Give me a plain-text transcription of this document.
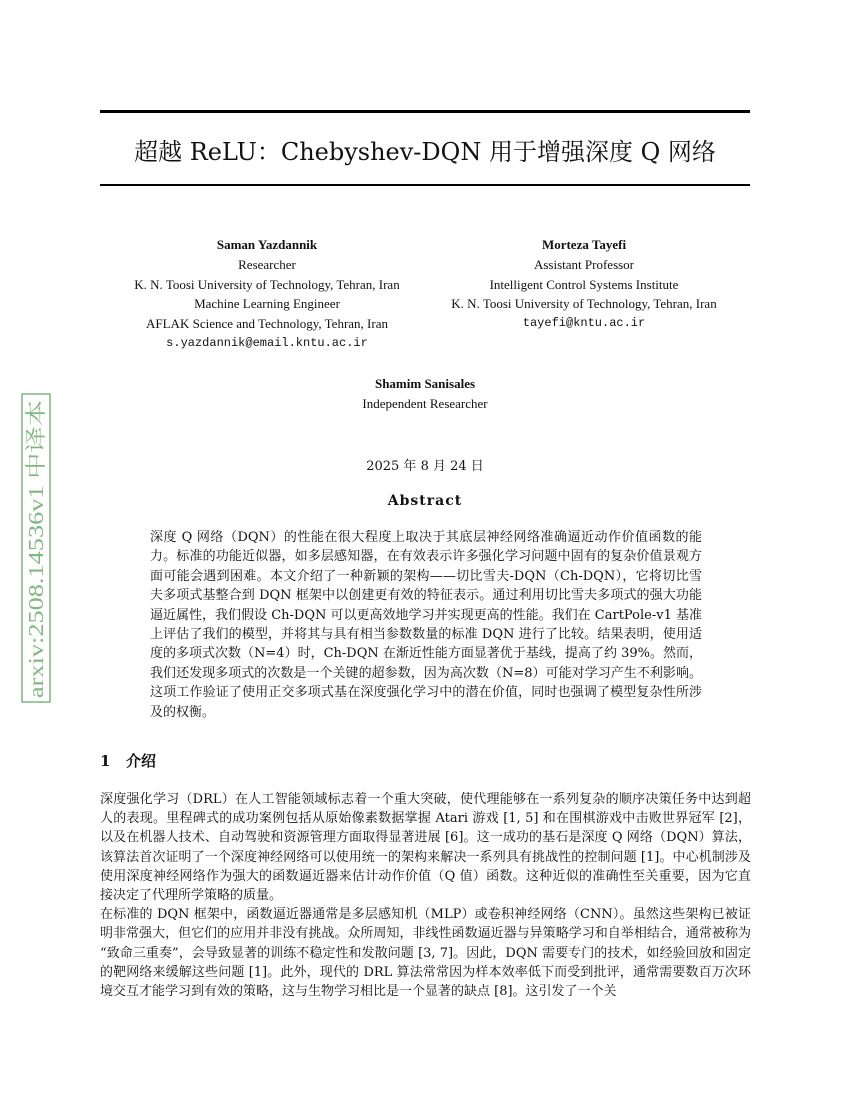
超越 ReLU：Chebyshev-DQN 用于增强深度 Q 网络
Saman Yazdannik
Researcher
K. N. Toosi University of Technology, Tehran, Iran
Machine Learning Engineer
AFLAK Science and Technology, Tehran, Iran
s.yazdannik@email.kntu.ac.ir
Morteza Tayefi
Assistant Professor
Intelligent Control Systems Institute
K. N. Toosi University of Technology, Tehran, Iran
tayefi@kntu.ac.ir
Shamim Sanisales
Independent Researcher
2025 年 8 月 24 日
Abstract
深度 Q 网络（DQN）的性能在很大程度上取决于其底层神经网络准确逼近动作价值函数的能力。标准的功能近似器，如多层感知器，在有效表示许多强化学习问题中固有的复杂价值景观方面可能会遇到困难。本文介绍了一种新颖的架构——切比雪夫-DQN（Ch-DQN），它将切比雪夫多项式基整合到 DQN 框架中以创建更有效的特征表示。通过利用切比雪夫多项式的强大功能逼近属性，我们假设 Ch-DQN 可以更高效地学习并实现更高的性能。我们在 CartPole-v1 基准上评估了我们的模型，并将其与具有相当参数数量的标准 DQN 进行了比较。结果表明，使用适度的多项式次数（N=4）时，Ch-DQN 在渐近性能方面显著优于基线，提高了约 39%。然而，我们还发现多项式的次数是一个关键的超参数，因为高次数（N=8）可能对学习产生不利影响。这项工作验证了使用正交多项式基在深度强化学习中的潜在价值，同时也强调了模型复杂性所涉及的权衡。
1 介绍

深度强化学习（DRL）在人工智能领域标志着一个重大突破，使代理能够在一系列复杂的顺序决策任务中达到超人的表现。里程碑式的成功案例包括从原始像素数据掌握 Atari 游戏 [1, 5] 和在围棋游戏中击败世界冠军 [2]，以及在机器人技术、自动驾驶和资源管理方面取得显著进展 [6]。这一成功的基石是深度 Q 网络（DQN）算法，该算法首次证明了一个深度神经网络可以使用统一的架构来解决一系列具有挑战性的控制问题 [1]。中心机制涉及使用深度神经网络作为强大的函数逼近器来估计动作价值（Q 值）函数。这种近似的准确性至关重要，因为它直接决定了代理所学策略的质量。

在标准的 DQN 框架中，函数逼近器通常是多层感知机（MLP）或卷积神经网络（CNN）。虽然这些架构已被证明非常强大，但它们的应用并非没有挑战。众所周知，非线性函数逼近器与异策略学习和自举相结合，通常被称为 “致命三重奏”，会导致显著的训练不稳定性和发散问题 [3, 7]。因此，DQN 需要专门的技术，如经验回放和固定的靶网络来缓解这些问题 [1]。此外，现代的 DRL 算法常常因为样本效率低下而受到批评，通常需要数百万次环境交互才能学习到有效的策略，这与生物学习相比是一个显著的缺点 [8]。这引发了一个关

arxiv:2508.14536v1 中译本
